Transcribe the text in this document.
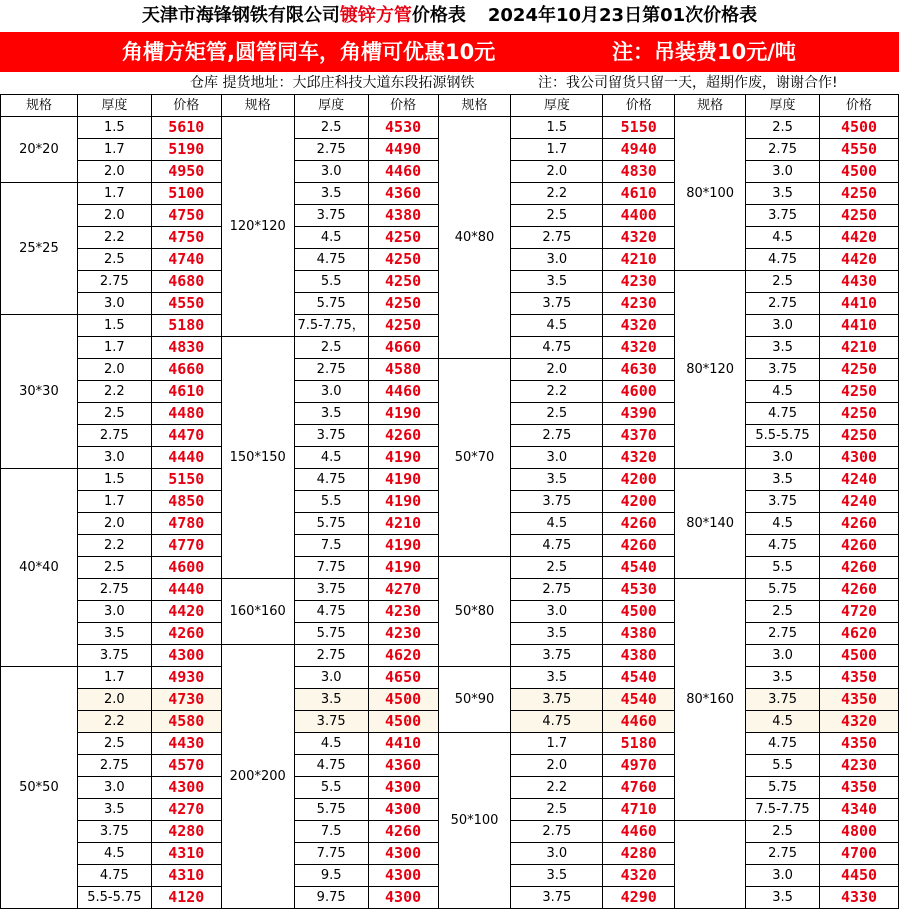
天津市海锋钢铁有限公司镀锌方管价格表 2024年10月23日第01次价格表
角槽方矩管,圆管同车，角槽可优惠10元	注：吊装费10元/吨
仓库 提货地址：大邱庄科技大道东段拓源钢铁	注：我公司留货只留一天，超期作废，谢谢合作!
规格	厚度	价格	规格	厚度	价格	规格	厚度	价格	规格	厚度	价格
20*20	1.5	5610	120*120	2.5	4530	40*80	1.5	5150	80*100	2.5	4500
	1.7	5190		2.75	4490		1.7	4940		2.75	4550
	2.0	4950		3.0	4460		2.0	4830		3.0	4500
25*25	1.7	5100		3.5	4360		2.2	4610		3.5	4250
	2.0	4750		3.75	4380		2.5	4400		3.75	4250
	2.2	4750		4.5	4250		2.75	4320		4.5	4420
	2.5	4740		4.75	4250		3.0	4210		4.75	4420
	2.75	4680		5.5	4250		3.5	4230	80*120	2.5	4430
	3.0	4550		5.75	4250		3.75	4230		2.75	4410
30*30	1.5	5180		7.5-7.75，	4250		4.5	4320		3.0	4410
	1.7	4830	150*150	2.5	4660		4.75	4320		3.5	4210
	2.0	4660		2.75	4580	50*70	2.0	4630		3.75	4250
	2.2	4610		3.0	4460		2.2	4600		4.5	4250
	2.5	4480		3.5	4190		2.5	4390		4.75	4250
	2.75	4470		3.75	4260		2.75	4370		5.5-5.75	4250
	3.0	4440		4.5	4190		3.0	4320		3.0	4300
40*40	1.5	5150		4.75	4190		3.5	4200	80*140	3.5	4240
	1.7	4850		5.5	4190		3.75	4200		3.75	4240
	2.0	4780		5.75	4210		4.5	4260		4.5	4260
	2.2	4770		7.5	4190		4.75	4260		4.75	4260
	2.5	4600		7.75	4190	50*80	2.5	4540		5.5	4260
	2.75	4440	160*160	3.75	4270		2.75	4530	80*160	5.75	4260
	3.0	4420		4.75	4230		3.0	4500		2.5	4720
	3.5	4260		5.75	4230		3.5	4380		2.75	4620
	3.75	4300	200*200	2.75	4620		3.75	4380		3.0	4500
50*50	1.7	4930		3.0	4650	50*90	3.5	4540		3.5	4350
	2.0	4730		3.5	4500		3.75	4540		3.75	4350
	2.2	4580		3.75	4500		4.75	4460		4.5	4320
	2.5	4430		4.5	4410	50*100	1.7	5180		4.75	4350
	2.75	4570		4.75	4360		2.0	4970		5.5	4230
	3.0	4300		5.5	4300		2.2	4760		5.75	4350
	3.5	4270		5.75	4300		2.5	4710		7.5-7.75	4340
	3.75	4280		7.5	4260		2.75	4460		2.5	4800
	4.5	4310		7.75	4300		3.0	4280		2.75	4700
	4.75	4310		9.5	4300		3.5	4320		3.0	4450
	5.5-5.75	4120		9.75	4300		3.75	4290		3.5	4330
